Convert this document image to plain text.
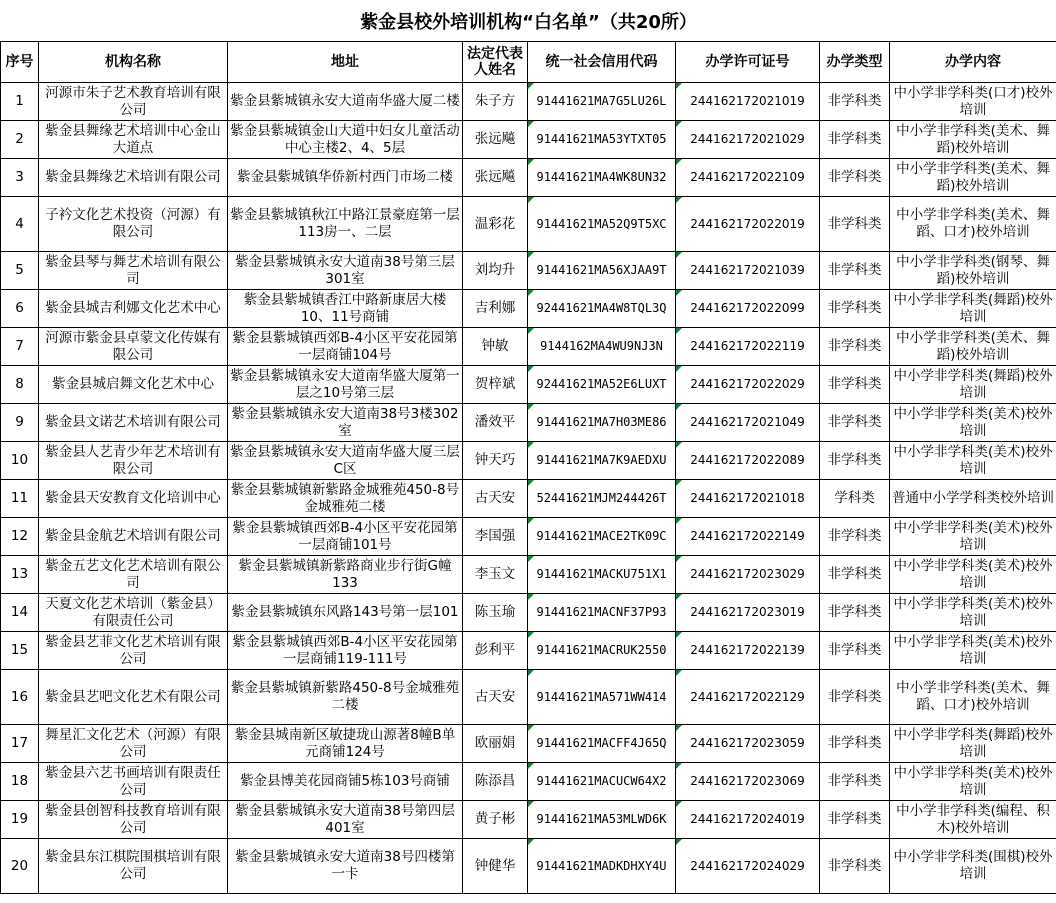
紫金县校外培训机构“白名单”（共20所）							
序号	机构名称	地址	法定代表人姓名	统一社会信用代码	办学许可证号	办学类型	办学内容
1	河源市朱子艺术教育培训有限公司	紫金县紫城镇永安大道南华盛大厦二楼	朱子方	91441621MA7G5LU26L	244162172021019	非学科类	中小学非学科类(口才)校外培训
2	紫金县舞缘艺术培训中心金山大道点	紫金县紫城镇金山大道中妇女儿童活动中心主楼2、4、5层	张远飚	91441621MA53YTXT05	244162172021029	非学科类	中小学非学科类(美术、舞蹈)校外培训
3	紫金县舞缘艺术培训有限公司	紫金县紫城镇华侨新村西门市场二楼	张远飚	91441621MA4WK8UN32	244162172022109	非学科类	中小学非学科类(美术、舞蹈)校外培训
4	子衿文化艺术投资（河源）有限公司	紫金县紫城镇秋江中路江景豪庭第一层113房一、二层	温彩花	91441621MA52Q9T5XC	244162172022019	非学科类	中小学非学科类(美术、舞蹈、口才)校外培训
5	紫金县琴与舞艺术培训有限公司	紫金县紫城镇永安大道南38号第三层301室	刘均升	91441621MA56XJAA9T	244162172021039	非学科类	中小学非学科类(钢琴、舞蹈)校外培训
6	紫金县城吉利娜文化艺术中心	紫金县紫城镇香江中路新康居大楼10、11号商铺	吉利娜	92441621MA4W8TQL3Q	244162172022099	非学科类	中小学非学科类(舞蹈)校外培训
7	河源市紫金县卓蒙文化传媒有限公司	紫金县紫城镇西郊B-4小区平安花园第一层商铺104号	钟敏	9144162MA4WU9NJ3N	244162172022119	非学科类	中小学非学科类(美术、舞蹈)校外培训
8	紫金县城启舞文化艺术中心	紫金县紫城镇永安大道南华盛大厦第一层之10号第三层	贺梓斌	92441621MA52E6LUXT	244162172022029	非学科类	中小学非学科类(舞蹈)校外培训
9	紫金县文诺艺术培训有限公司	紫金县紫城镇永安大道南38号3楼302室	潘效平	91441621MA7H03ME86	244162172021049	非学科类	中小学非学科类(美术)校外培训
10	紫金县人艺青少年艺术培训有限公司	紫金县紫城镇永安大道南华盛大厦三层C区	钟天巧	91441621MA7K9AEDXU	244162172022089	非学科类	中小学非学科类(美术)校外培训
11	紫金县天安教育文化培训中心	紫金县紫城镇新紫路金城雅苑450-8号金城雅苑二楼	古天安	52441621MJM244426T	244162172021018	学科类	普通中小学学科类校外培训
12	紫金县金航艺术培训有限公司	紫金县紫城镇西郊B-4小区平安花园第一层商铺101号	李国强	91441621MACE2TK09C	244162172022149	非学科类	中小学非学科类(美术)校外培训
13	紫金五艺文化艺术培训有限公司	紫金县紫城镇新紫路商业步行街G幢133	李玉文	91441621MACKU751X1	244162172023029	非学科类	中小学非学科类(美术)校外培训
14	天夏文化艺术培训（紫金县）有限责任公司	紫金县紫城镇东风路143号第一层101	陈玉瑜	91441621MACNF37P93	244162172023019	非学科类	中小学非学科类(美术)校外培训
15	紫金县艺菲文化艺术培训有限公司	紫金县紫城镇西郊B-4小区平安花园第一层商铺119-111号	彭利平	91441621MACRUK2550	244162172022139	非学科类	中小学非学科类(美术)校外培训
16	紫金县艺吧文化艺术有限公司	紫金县紫城镇新紫路450-8号金城雅苑二楼	古天安	91441621MA571WW414	244162172022129	非学科类	中小学非学科类(美术、舞蹈、口才)校外培训
17	舞星汇文化艺术（河源）有限公司	紫金县城南新区敏捷珑山源著8幢B单元商铺124号	欧丽娟	91441621MACFF4J65Q	244162172023059	非学科类	中小学非学科类(舞蹈)校外培训
18	紫金县六艺书画培训有限责任公司	紫金县博美花园商铺5栋103号商铺	陈添昌	91441621MACUCW64X2	244162172023069	非学科类	中小学非学科类(美术)校外培训
19	紫金县创智科技教育培训有限公司	紫金县紫城镇永安大道南38号第四层401室	黄子彬	91441621MA53MLWD6K	244162172024019	非学科类	中小学非学科类(编程、积木)校外培训
20	紫金县东江棋院围棋培训有限公司	紫金县紫城镇永安大道南38号四楼第一卡	钟健华	91441621MADKDHXY4U	244162172024029	非学科类	中小学非学科类(围棋)校外培训
